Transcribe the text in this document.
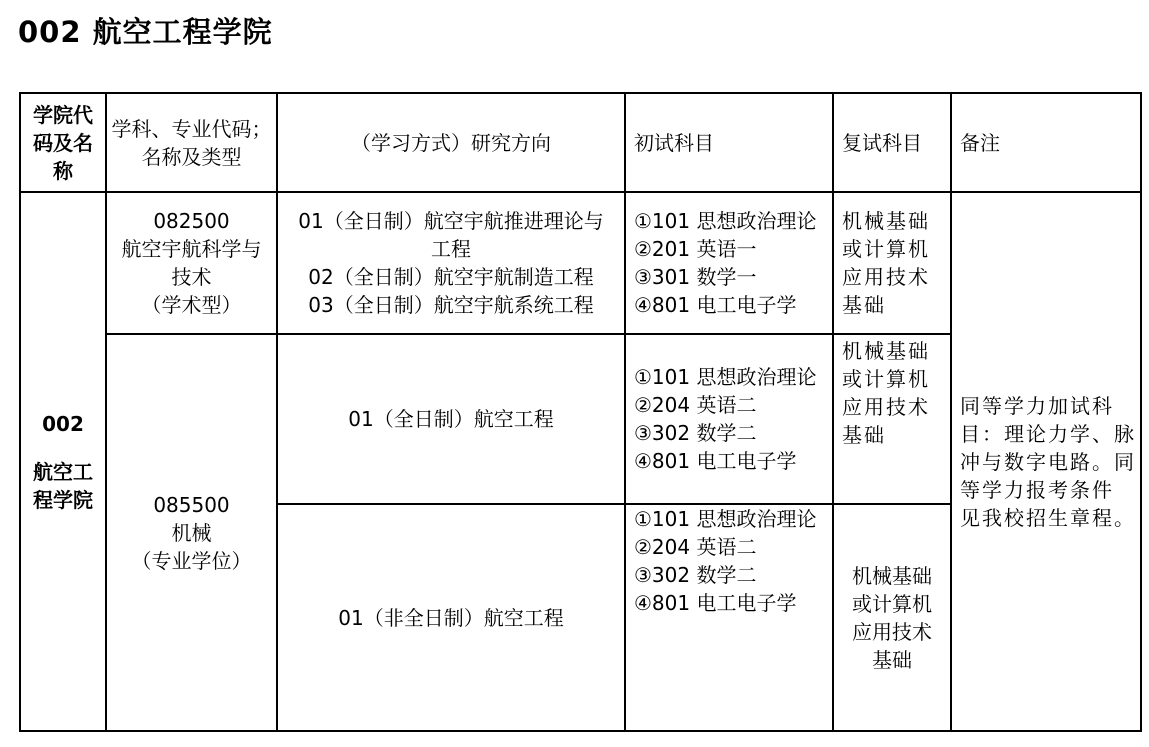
002 航空工程学院
学院代
码及名
称	学科、专业代码；
名称及类型	（学习方式）研究方向	初试科目	复试科目	备注

002
航空工
程学院	082500
航空宇航科学与
技术
（学术型）	01（全日制）航空宇航推进理论与
工程
02（全日制）航空宇航制造工程
03（全日制）航空宇航系统工程	①101 思想政治理论
②201 英语一
③301 数学一
④801 电工电子学	机械基础
或计算机
应用技术
基础	同等学力加试科
目：理论力学、脉
冲与数字电路。同
等学力报考条件
见我校招生章程。

	085500
机械
（专业学位）	01（全日制）航空工程	①101 思想政治理论
②204 英语二
③302 数学二
④801 电工电子学	机械基础
或计算机
应用技术
基础	

		01（非全日制）航空工程	①101 思想政治理论
②204 英语二
③302 数学二
④801 电工电子学	机械基础
或计算机
应用技术
基础	
